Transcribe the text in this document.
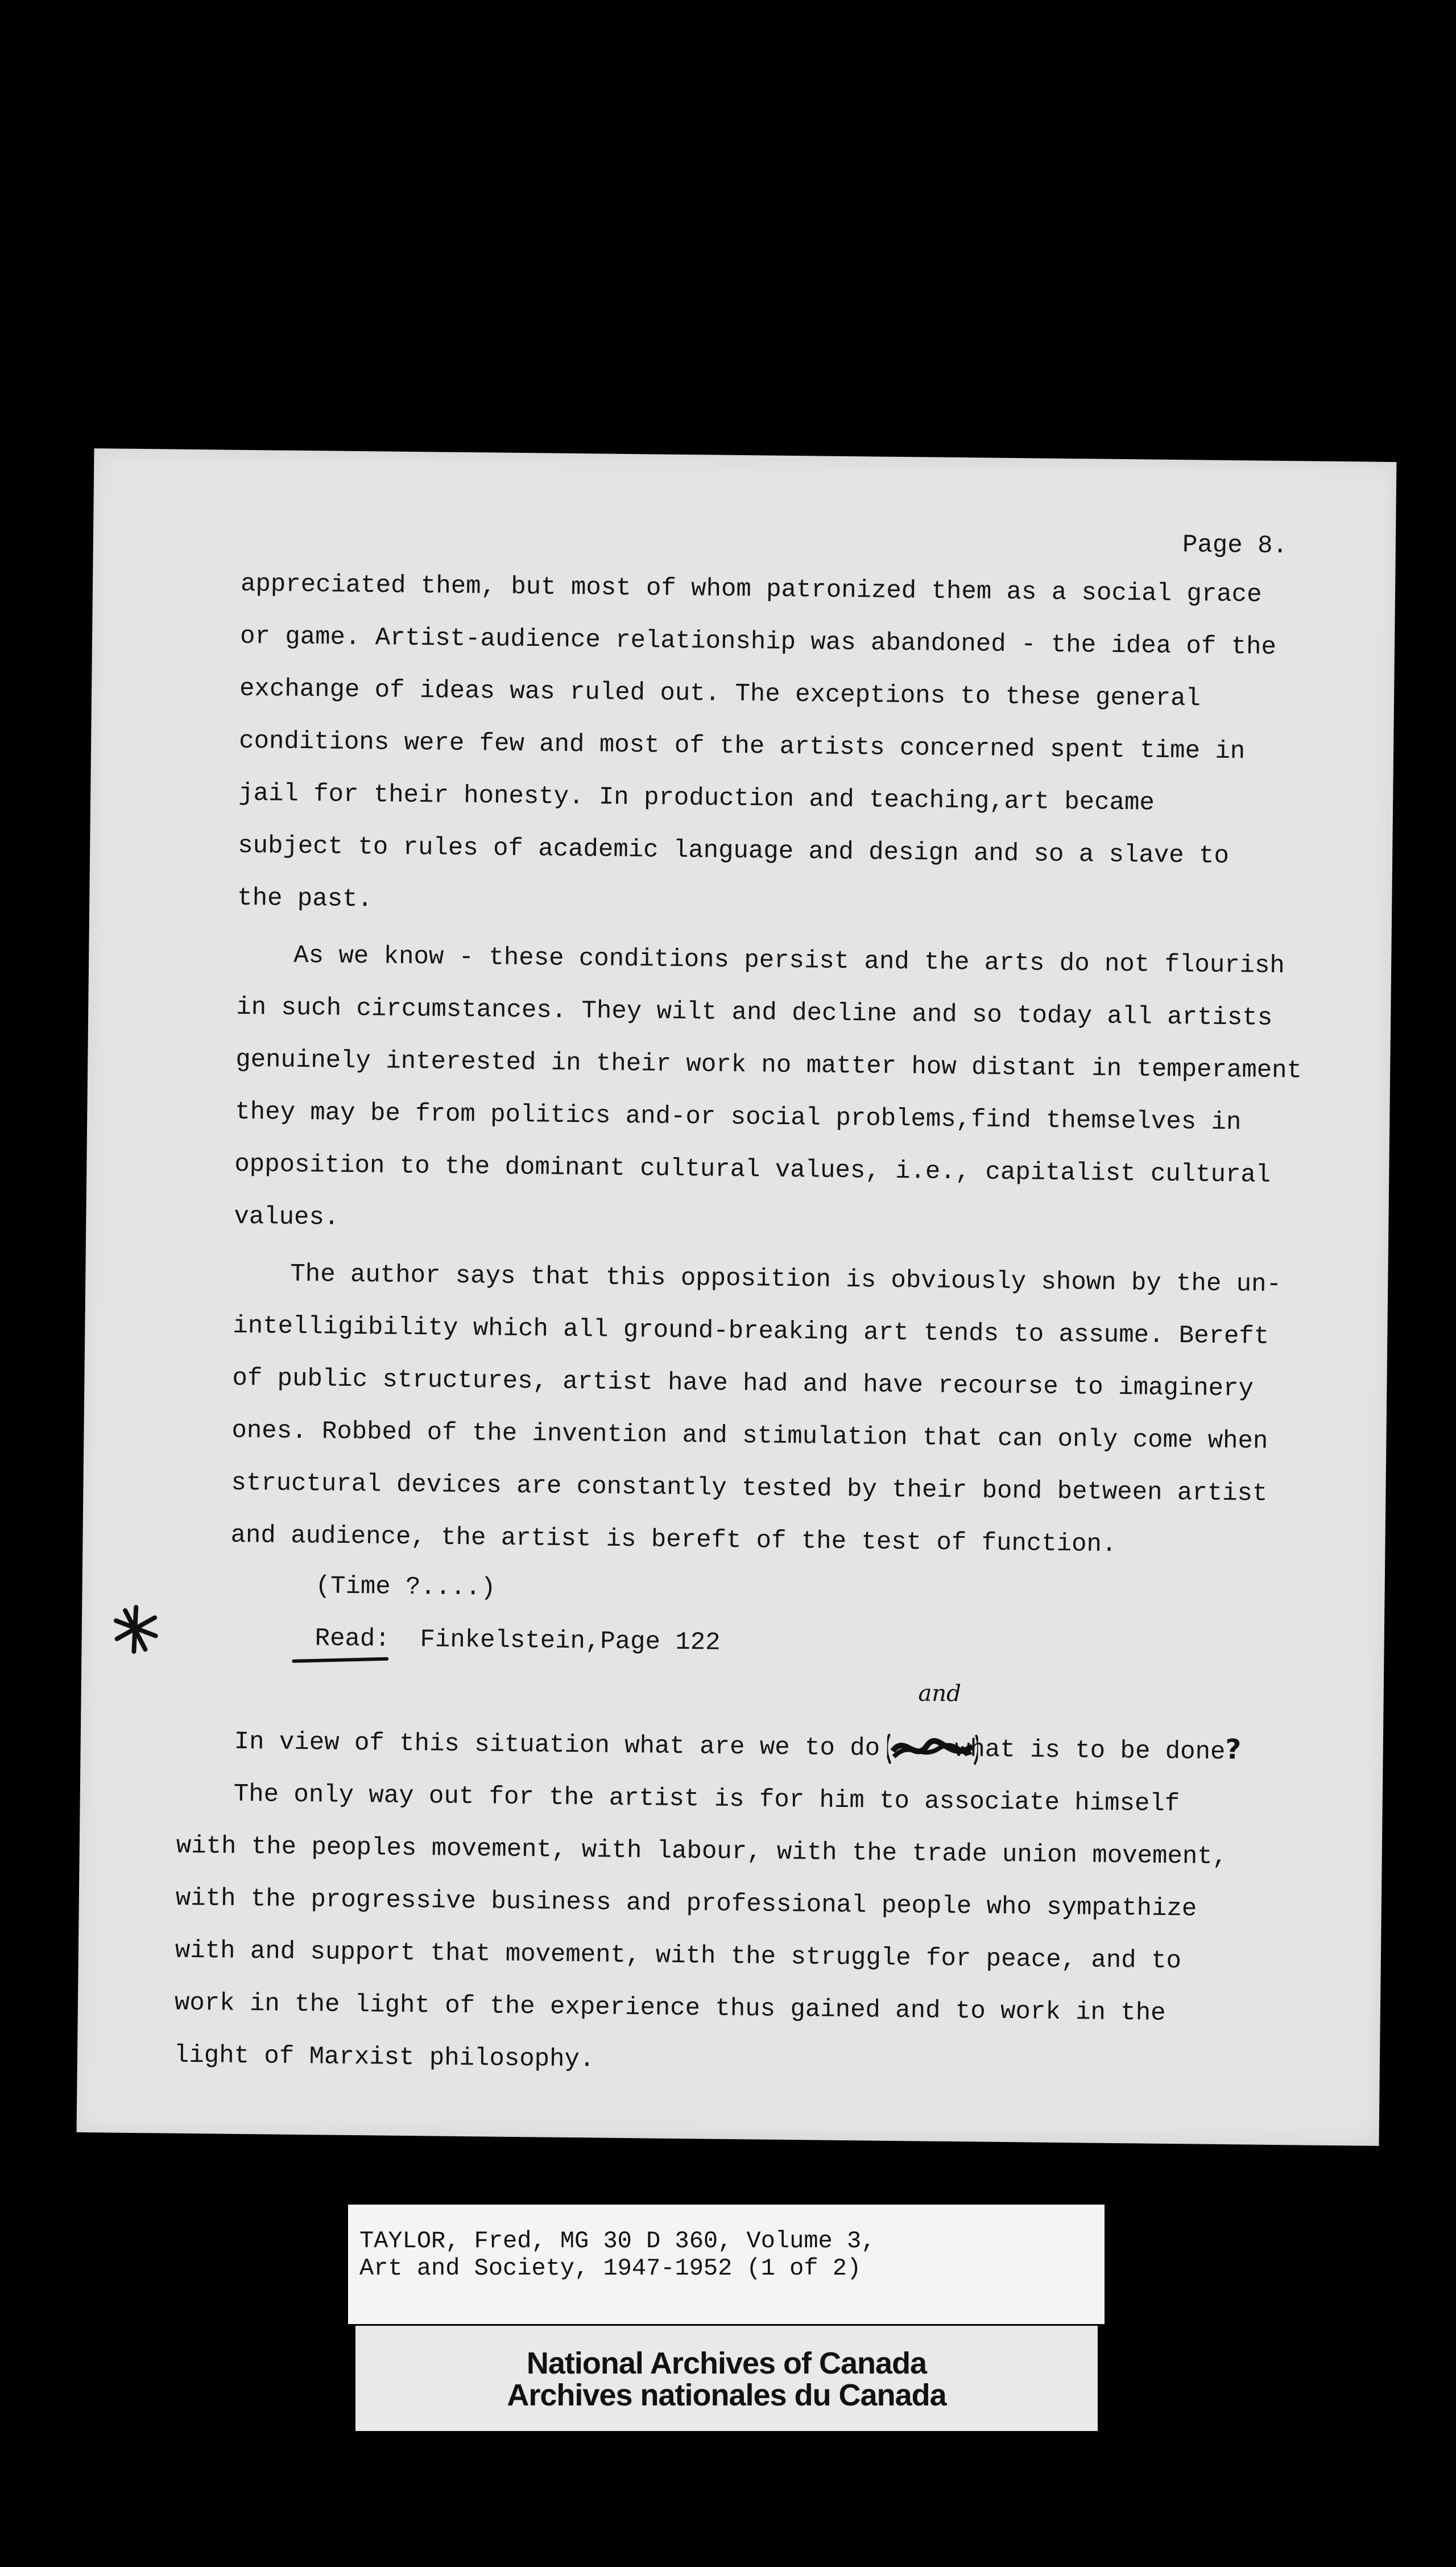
Page 8.

appreciated them, but most of whom patronized them as a social grace
or game. Artist-audience relationship was abandoned - the idea of the
exchange of ideas was ruled out. The exceptions to these general
conditions were few and most of the artists concerned spent time in
jail for their honesty. In production and teaching,art became
subject to rules of academic language and design and so a slave to
the past.

As we know - these conditions persist and the arts do not flourish
in such circumstances. They wilt and decline and so today all artists
genuinely interested in their work no matter how distant in temperament
they may be from politics and-or social problems,find themselves in
opposition to the dominant cultural values, i.e., capitalist cultural
values.

The author says that this opposition is obviously shown by the un-
intelligibility which all ground-breaking art tends to assume. Bereft
of public structures, artist have had and have recourse to imaginery
ones. Robbed of the invention and stimulation that can only come when
structural devices are constantly tested by their bond between artist
and audience, the artist is bereft of the test of function.

(Time ?....)
Read
: Finkelstein,Page 122
In view of this situation what are we to do
and
what is to be done?

The only way out for the artist is for him to associate himself
with the peoples movement, with labour, with the trade union movement,
with the progressive business and professional people who sympathize
with and support that movement, with the struggle for peace, and to
work in the light of the experience thus gained and to work in the
light of Marxist philosophy.

TAYLOR, Fred, MG 30 D 360, Volume 3,
Art and Society, 1947-1952 (1 of 2)
National Archives of Canada
Archives nationales du Canada
